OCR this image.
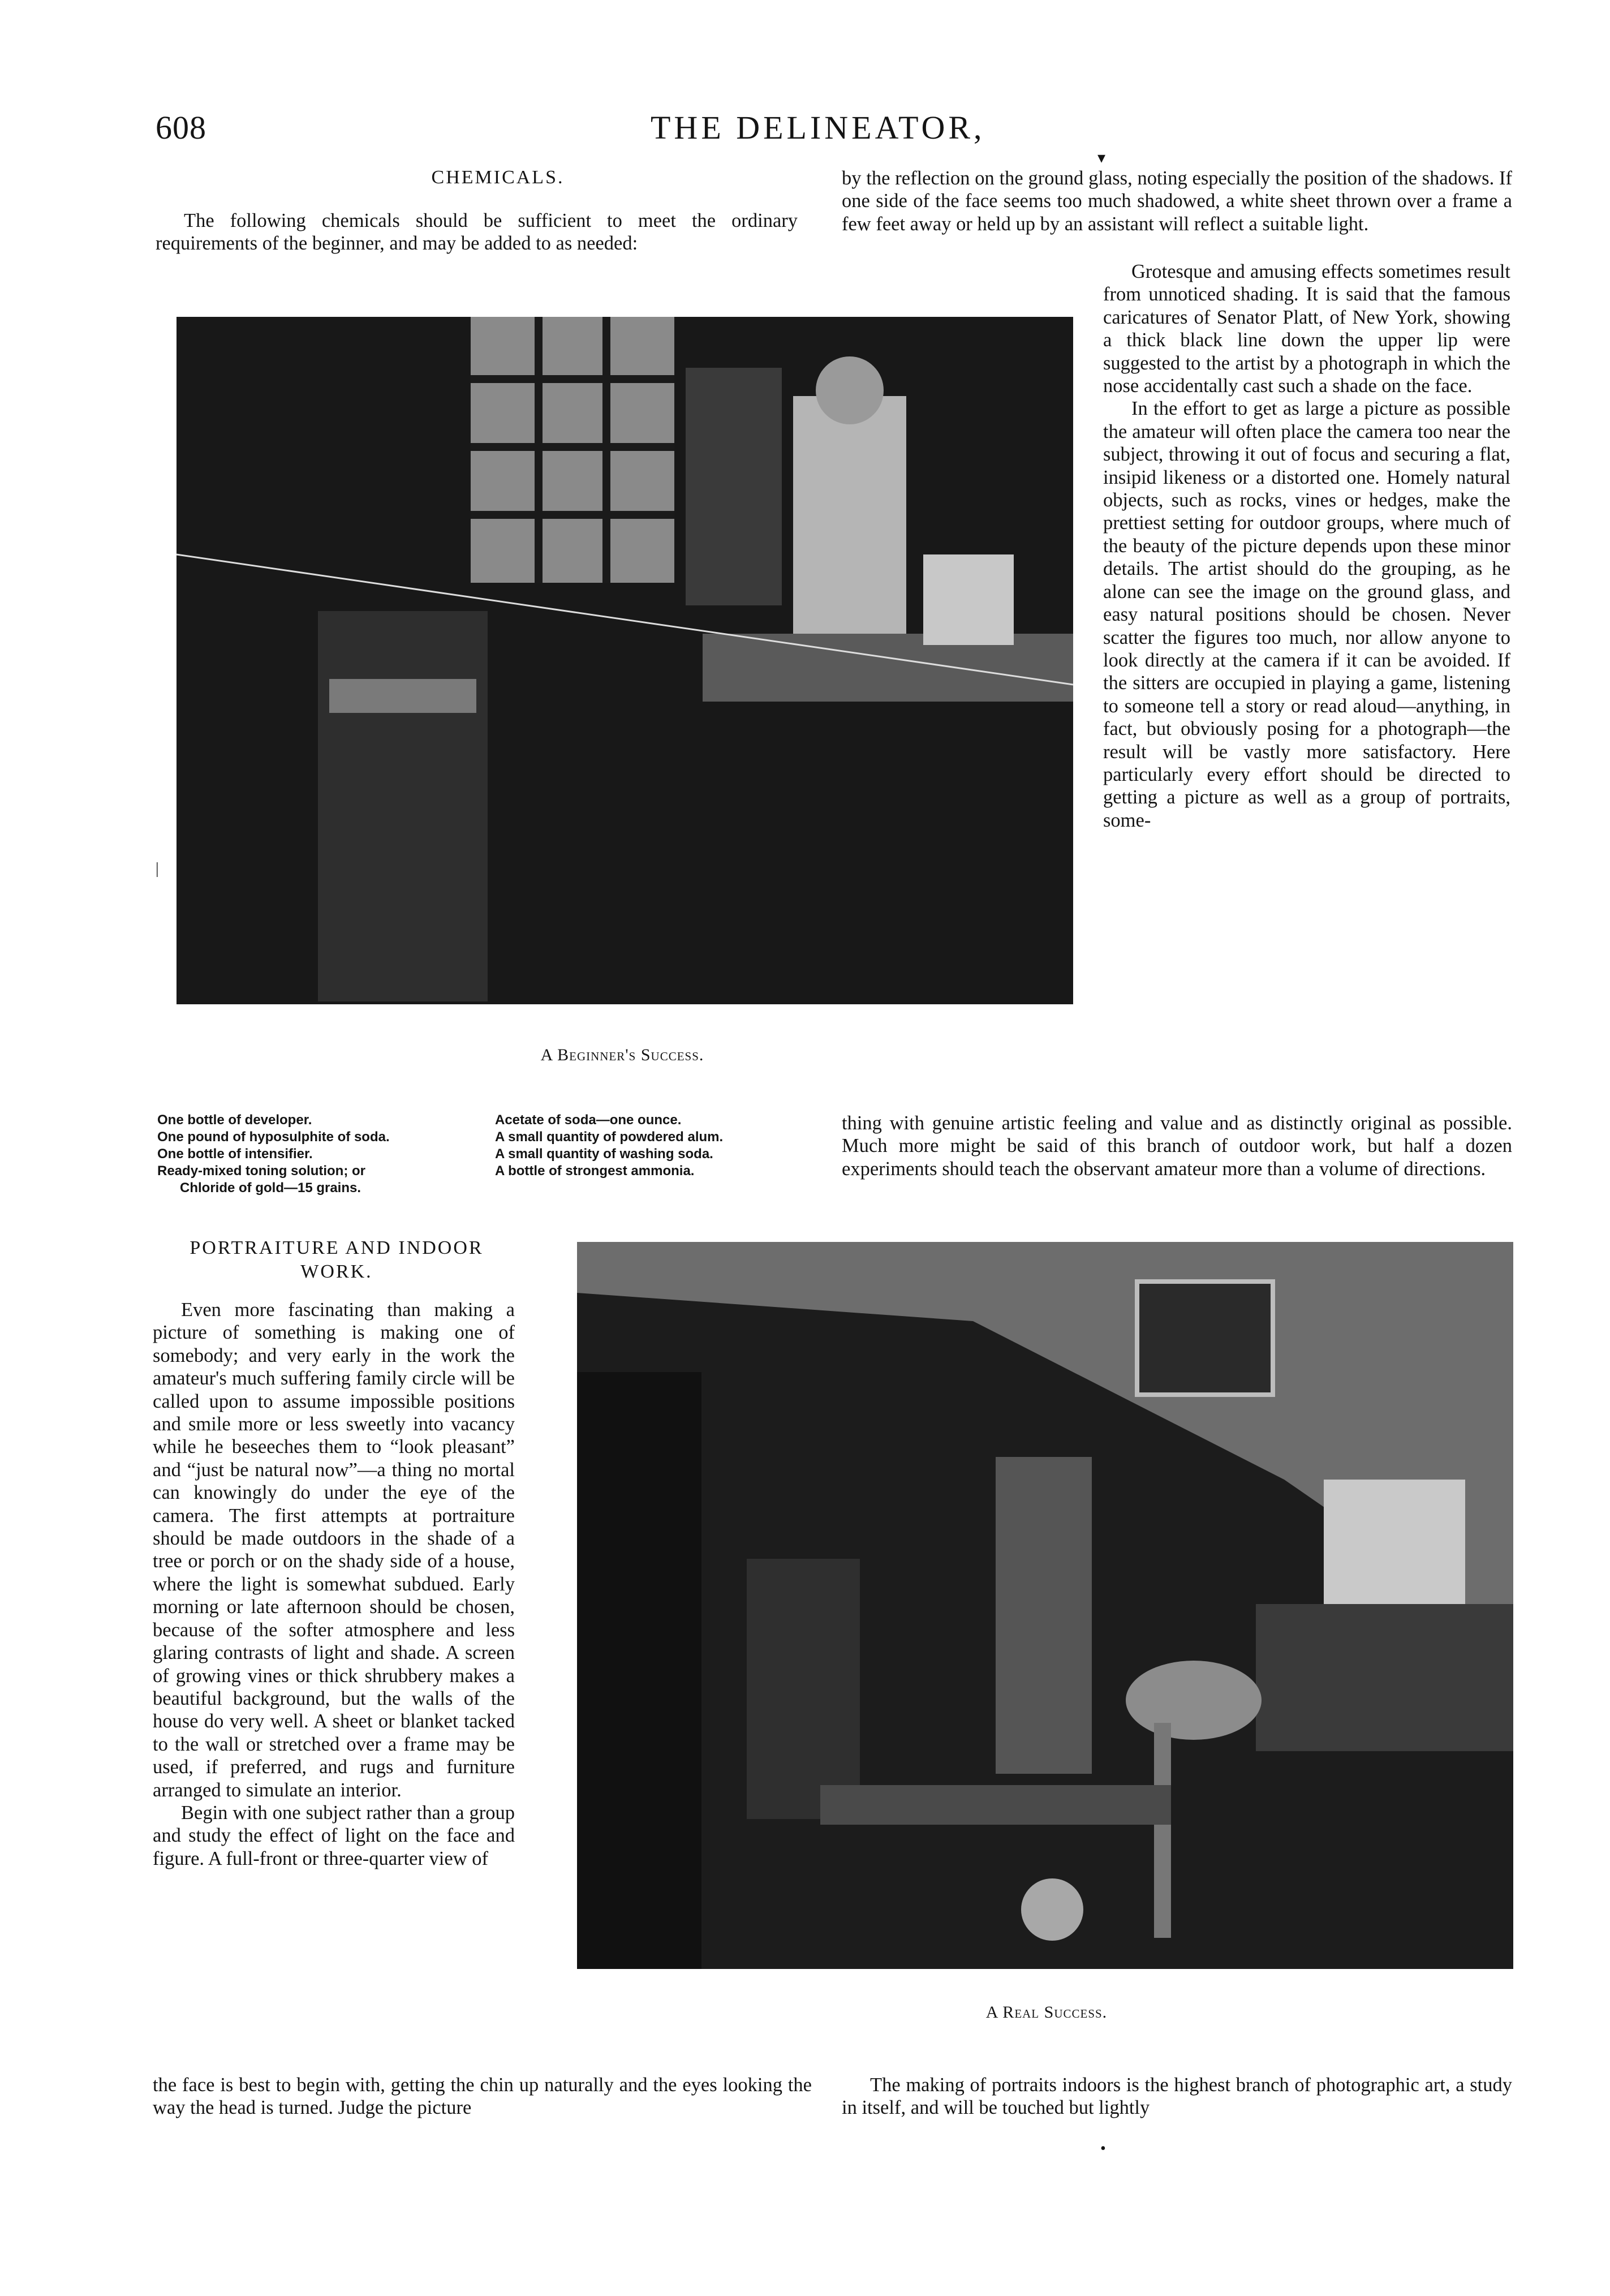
608	THE DELINEATOR,
▾
CHEMICALS.

The following chemicals should be sufficient to meet the ordinary requirements of the beginner, and may be added to as needed:

by the reflection on the ground glass, noting especially the position of the shadows. If one side of the face seems too much shadowed, a white sheet thrown over a frame a few feet away or held up by an assistant will reflect a suitable light.

A Beginner's Success.

Grotesque and amusing effects sometimes result from unnoticed shading. It is said that the famous caricatures of Senator Platt, of New York, showing a thick black line down the upper lip were suggested to the artist by a photograph in which the nose accidentally cast such a shade on the face.

In the effort to get as large a picture as possible the amateur will often place the camera too near the subject, throwing it out of focus and securing a flat, insipid likeness or a distorted one. Homely natural objects, such as rocks, vines or hedges, make the prettiest setting for outdoor groups, where much of the beauty of the picture depends upon these minor details. The artist should do the grouping, as he alone can see the image on the ground glass, and easy natural positions should be chosen. Never scatter the figures too much, nor allow anyone to look directly at the camera if it can be avoided. If the sitters are occupied in playing a game, listening to someone tell a story or read aloud—anything, in fact, but obviously posing for a photograph—the result will be vastly more satisfactory. Here particularly every effort should be directed to getting a picture as well as a group of portraits, some-

One bottle of developer.
One pound of hyposulphite of soda.
One bottle of intensifier.
Ready-mixed toning solution; or
Chloride of gold—15 grains.
Acetate of soda—one ounce.
A small quantity of powdered alum.
A small quantity of washing soda.
A bottle of strongest ammonia.

thing with genuine artistic feeling and value and as distinctly original as possible. Much more might be said of this branch of outdoor work, but half a dozen experiments should teach the observant amateur more than a volume of directions.

PORTRAITURE AND INDOOR WORK.

Even more fascinating than making a picture of something is making one of somebody; and very early in the work the amateur's much suffering family circle will be called upon to assume impossible positions and smile more or less sweetly into vacancy while he beseeches them to “look pleasant” and “just be natural now”—a thing no mortal can knowingly do under the eye of the camera. The first attempts at portraiture should be made outdoors in the shade of a tree or porch or on the shady side of a house, where the light is somewhat subdued. Early morning or late afternoon should be chosen, because of the softer atmosphere and less glaring contrasts of light and shade. A screen of growing vines or thick shrubbery makes a beautiful background, but the walls of the house do very well. A sheet or blanket tacked to the wall or stretched over a frame may be used, if preferred, and rugs and furniture arranged to simulate an interior.

Begin with one subject rather than a group and study the effect of light on the face and figure. A full-front or three-quarter view of

A Real Success.

the face is best to begin with, getting the chin up naturally and the eyes looking the way the head is turned. Judge the picture

The making of portraits indoors is the highest branch of photographic art, a study in itself, and will be touched but lightly

|
•
